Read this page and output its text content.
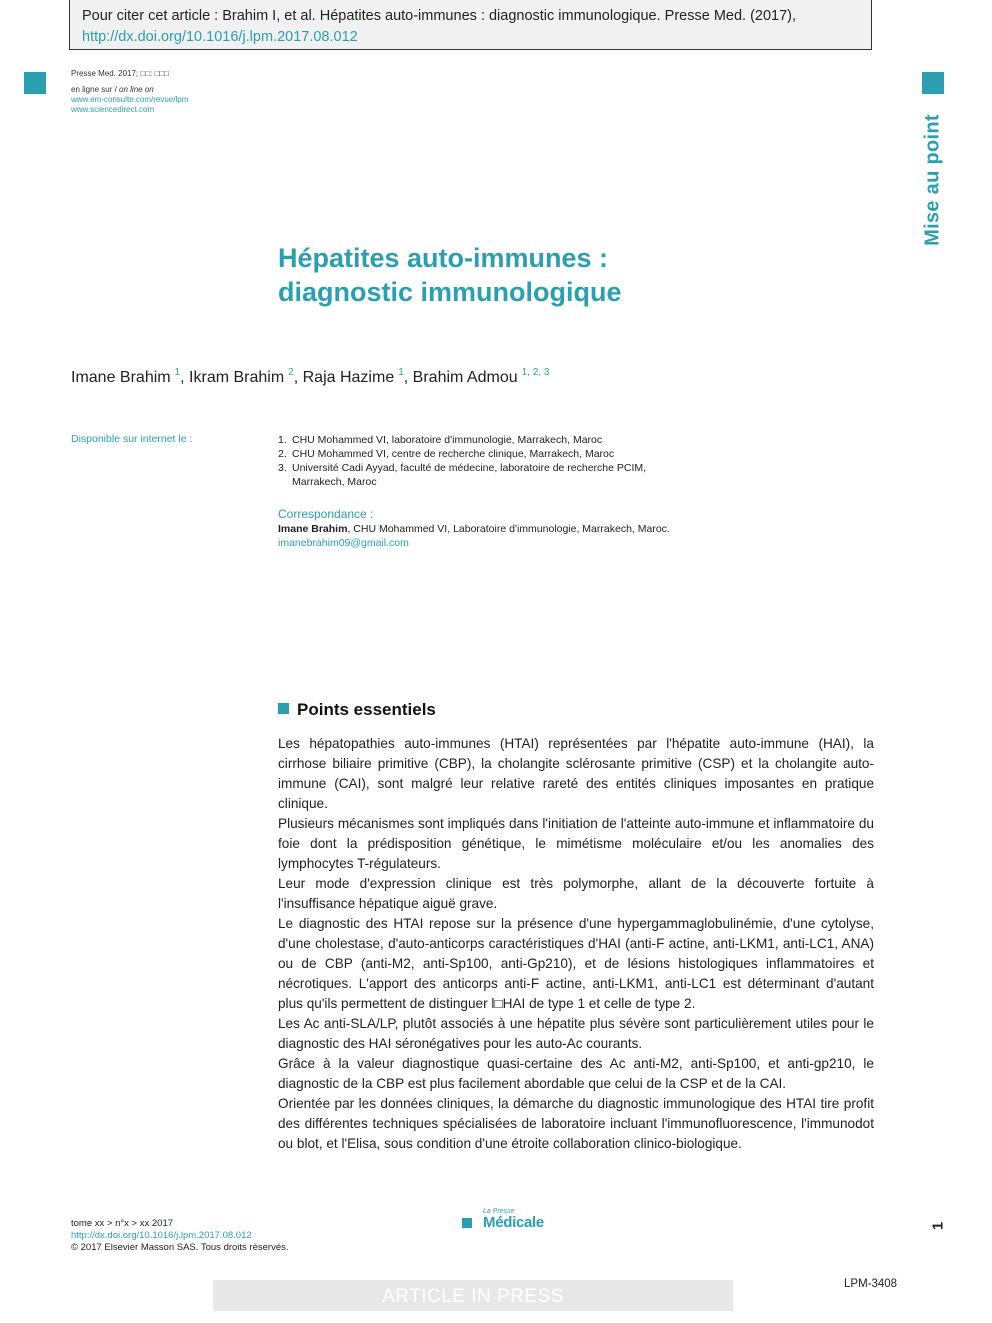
Pour citer cet article : Brahim I, et al. Hépatites auto-immunes : diagnostic immunologique. Presse Med. (2017), http://dx.doi.org/10.1016/j.lpm.2017.08.012
Mise au point
Presse Med. 2017; □□: □□□
en ligne sur / on line on
www.em-consulte.com/revue/lpm
www.sciencedirect.com
Hépatites auto-immunes :
diagnostic immunologique
Imane Brahim $^1$, Ikram Brahim $^2$, Raja Hazime $^1$, Brahim Admou $^{1, 2, 3}$
Disponible sur internet le :	1. CHU Mohammed VI, laboratoire d'immunologie, Marrakech, Maroc
2. CHU Mohammed VI, centre de recherche clinique, Marrakech, Maroc
3. Université Cadi Ayyad, faculté de médecine, laboratoire de recherche PCIM, Marrakech, Maroc
Correspondance :
Imane Brahim, CHU Mohammed VI, Laboratoire d'immunologie, Marrakech, Maroc.
imanebrahim09@gmail.com
Points essentiels

Les hépatopathies auto-immunes (HTAI) représentées par l'hépatite auto-immune (HAI), la cirrhose biliaire primitive (CBP), la cholangite sclérosante primitive (CSP) et la cholangite auto-immune (CAI), sont malgré leur relative rareté des entités cliniques imposantes en pratique clinique.

Plusieurs mécanismes sont impliqués dans l'initiation de l'atteinte auto-immune et inflammatoire du foie dont la prédisposition génétique, le mimétisme moléculaire et/ou les anomalies des lymphocytes T-régulateurs.

Leur mode d'expression clinique est très polymorphe, allant de la découverte fortuite à l'insuffisance hépatique aiguë grave.

Le diagnostic des HTAI repose sur la présence d'une hypergammaglobulinémie, d'une cytolyse, d'une cholestase, d'auto-anticorps caractéristiques d'HAI (anti-F actine, anti-LKM1, anti-LC1, ANA) ou de CBP (anti-M2, anti-Sp100, anti-Gp210), et de lésions histologiques inflammatoires et nécrotiques. L'apport des anticorps anti-F actine, anti-LKM1, anti-LC1 est déterminant d'autant plus qu'ils permettent de distinguer l□HAI de type 1 et celle de type 2.

Les Ac anti-SLA/LP, plutôt associés à une hépatite plus sévère sont particulièrement utiles pour le diagnostic des HAI séronégatives pour les auto-Ac courants.

Grâce à la valeur diagnostique quasi-certaine des Ac anti-M2, anti-Sp100, et anti-gp210, le diagnostic de la CBP est plus facilement abordable que celui de la CSP et de la CAI.

Orientée par les données cliniques, la démarche du diagnostic immunologique des HTAI tire profit des différentes techniques spécialisées de laboratoire incluant l'immunofluorescence, l'immunodot ou blot, et l'Elisa, sous condition d'une étroite collaboration clinico-biologique.

tome xx > n°x > xx 2017
http://dx.doi.org/10.1016/j.lpm.2017.08.012
© 2017 Elsevier Masson SAS. Tous droits réservés.
La Presse
Médicale	1
ARTICLE IN PRESS
LPM-3408
